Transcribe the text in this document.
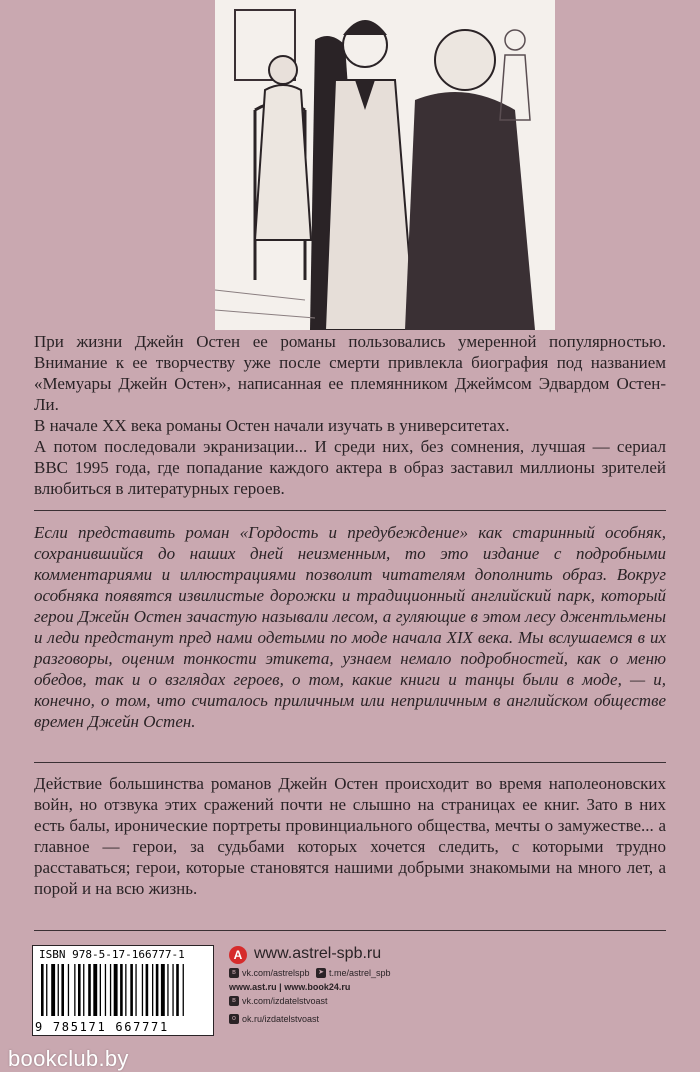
При жизни Джейн Остен ее романы пользовались умеренной популярностью. Внимание к ее творчеству уже после смерти привлекла биография под названием «Мемуары Джейн Остен», написанная ее племянником Джеймсом Эдвардом Остен-Ли.

В начале XX века романы Остен начали изучать в университетах.

А потом последовали экранизации... И среди них, без сомнения, лучшая — сериал BBC 1995 года, где попадание каждого актера в образ заставил миллионы зрителей влюбиться в литературных героев.

Если представить роман «Гордость и предубеждение» как старинный особняк, сохранившийся до наших дней неизменным, то это издание с подробными комментариями и иллюстрациями позволит читателям дополнить образ. Вокруг особняка появятся извилистые дорожки и традиционный английский парк, который герои Джейн Остен зачастую называли лесом, а гуляющие в этом лесу джентльмены и леди предстанут пред нами одетыми по моде начала XIX века. Мы вслушаемся в их разговоры, оценим тонкости этикета, узнаем немало подробностей, как о меню обедов, так и о взглядах героев, о том, какие книги и танцы были в моде, — и, конечно, о том, что считалось приличным или неприличным в английском обществе времен Джейн Остен.

Действие большинства романов Джейн Остен происходит во время наполеоновских войн, но отзвука этих сражений почти не слышно на страницах ее книг. Зато в них есть балы, иронические портреты провинциального общества, мечты о замужестве... а главное — герои, за судьбами которых хочется следить, с которыми трудно расставаться; герои, которые становятся нашими добрыми знакомыми на много лет, а порой и на всю жизнь.

ISBN 978-5-17-166777-1
9 785171 667771
A www.astrel-spb.ru
в vk.com/astrelspb ➤ t.me/astrel_spb
www.ast.ru | www.book24.ru
в vk.com/izdatelstvoast
o ok.ru/izdatelstvoast
bookclub.by
